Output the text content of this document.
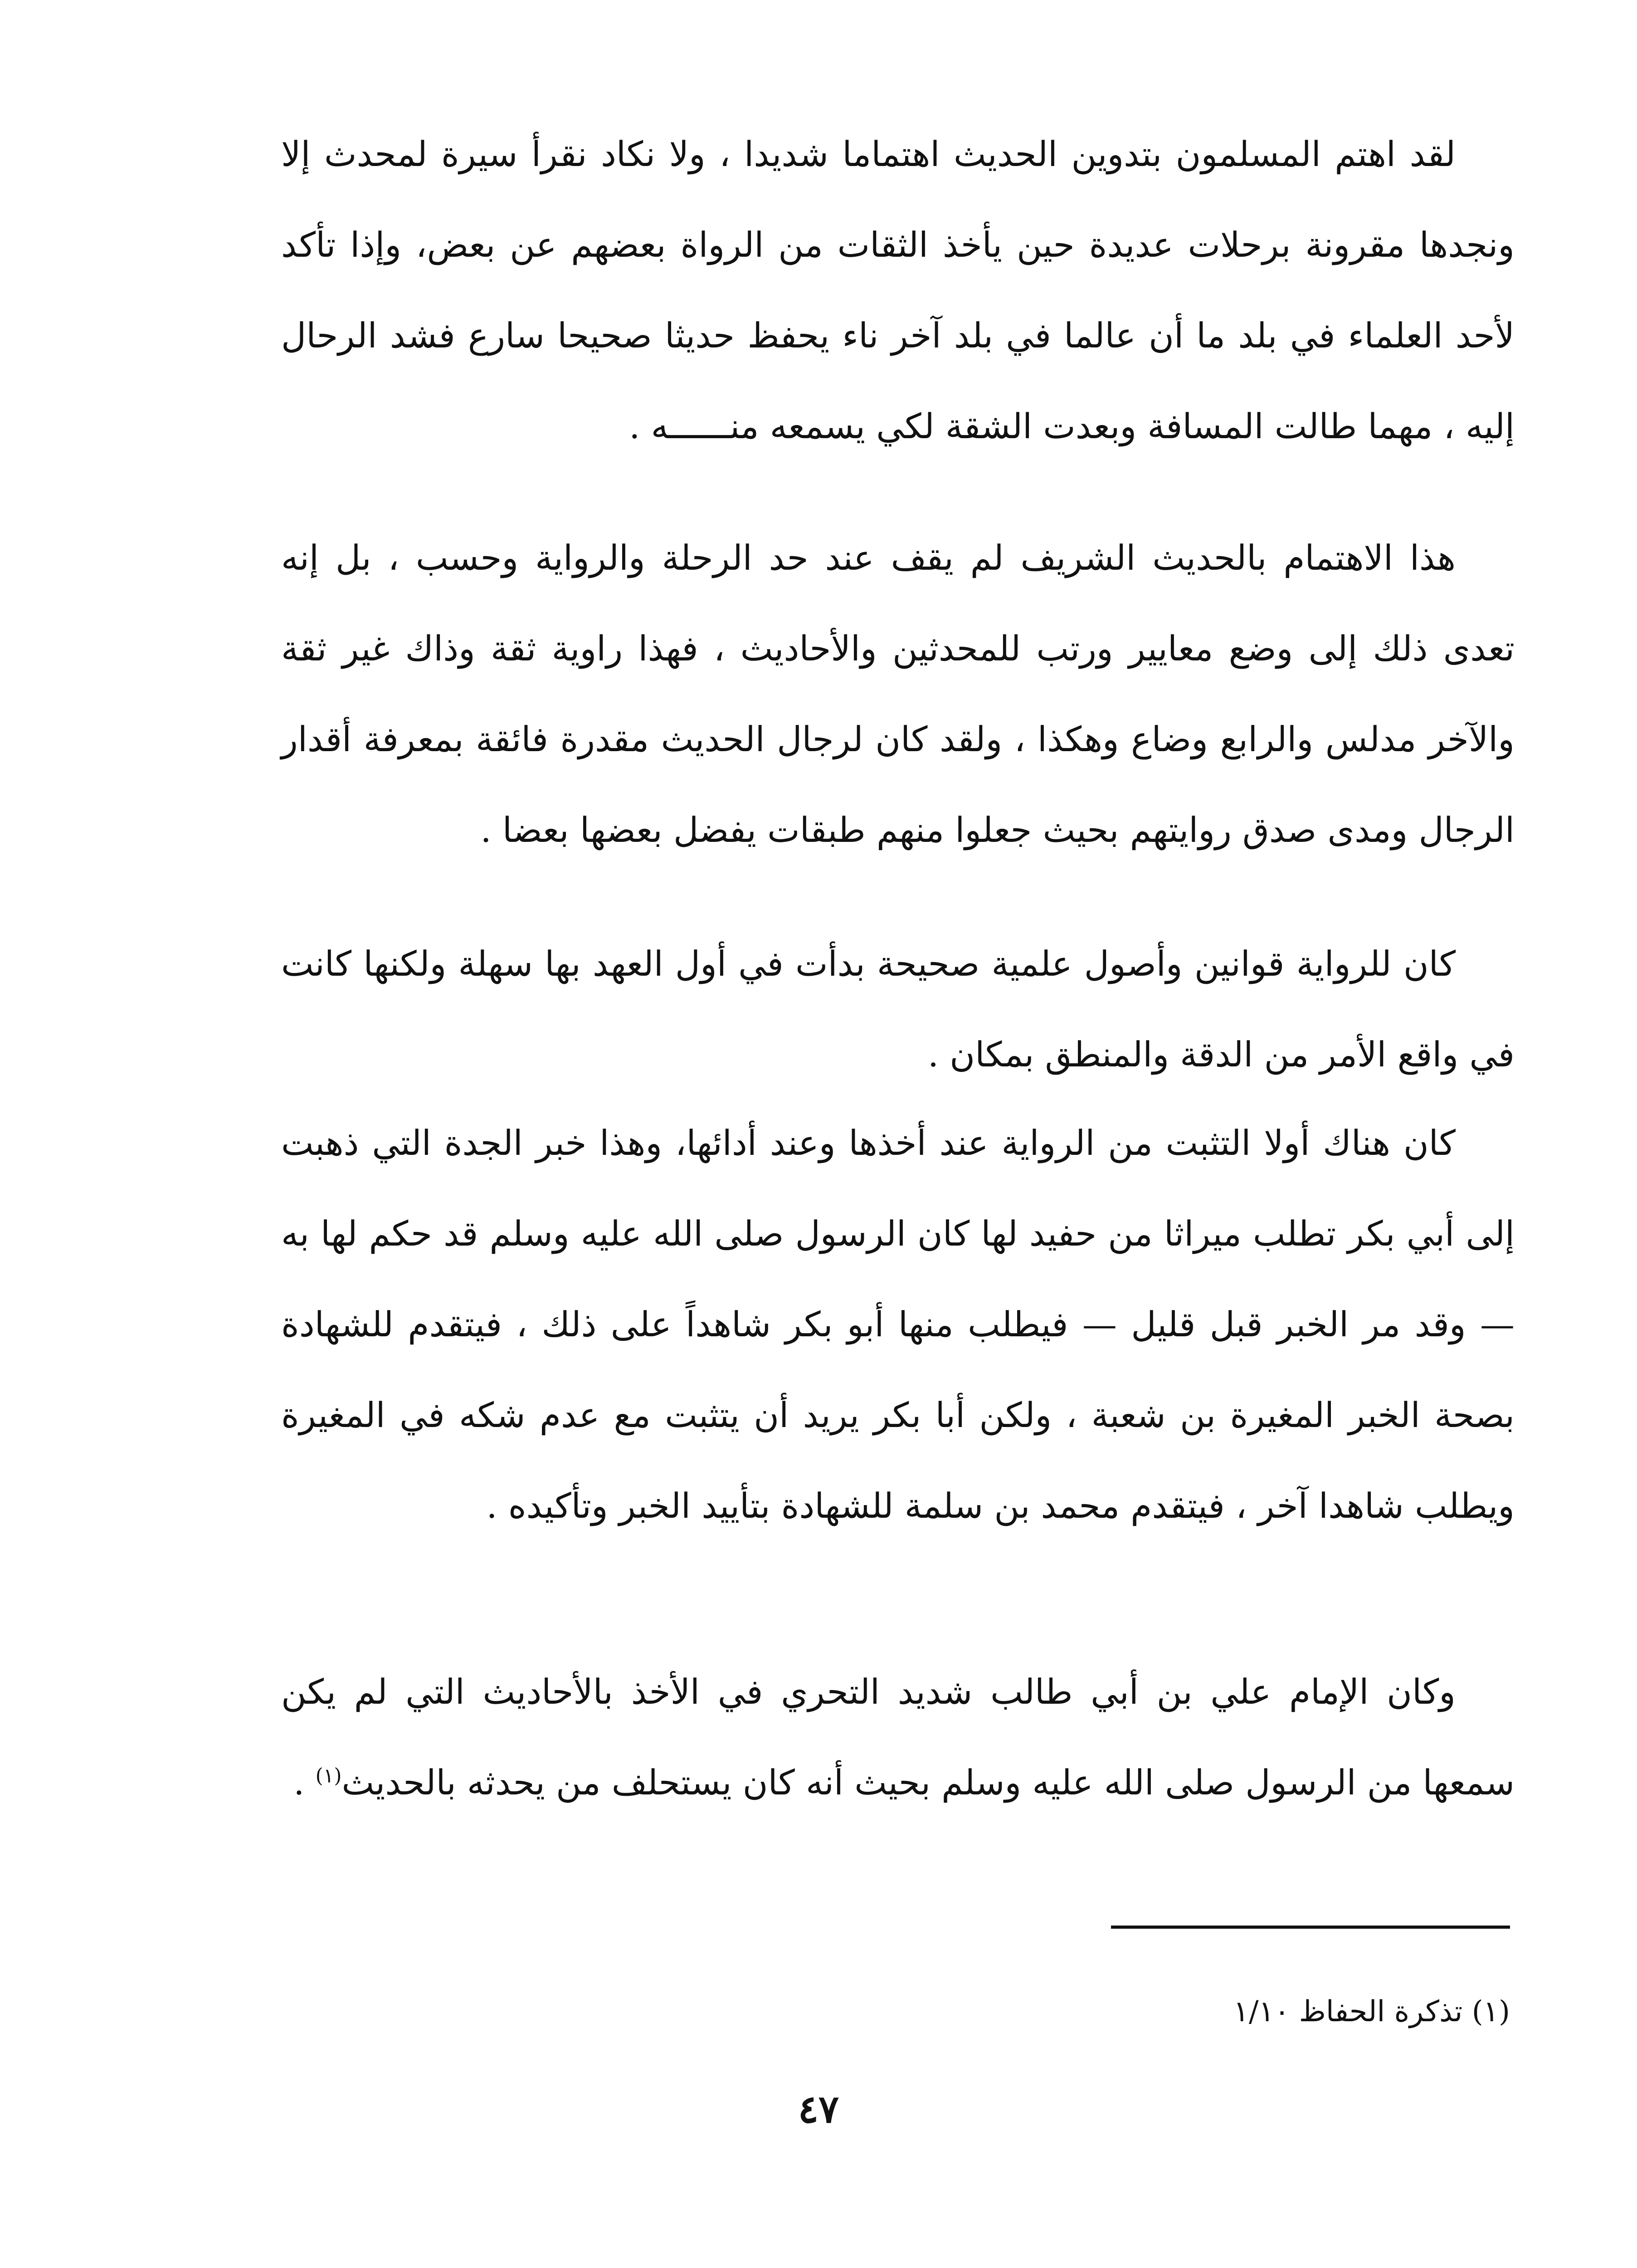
لقد اهتم المسلمون بتدوين الحديث اهتماما شديدا ، ولا نكاد نقرأ سيرة لمحدث إلا ونجدها مقرونة برحلات عديدة حين يأخذ الثقات من الرواة بعضهم عن بعض، وإذا تأكد لأحد العلماء في بلد ما أن عالما في بلد آخر ناء يحفظ حديثا صحيحا سارع فشد الرحال إليه ، مهما طالت المسافة وبعدت الشقة لكي يسمعه منــــــه .

هذا الاهتمام بالحديث الشريف لم يقف عند حد الرحلة والرواية وحسب ، بل إنه تعدى ذلك إلى وضع معايير ورتب للمحدثين والأحاديث ، فهذا راوية ثقة وذاك غير ثقة والآخر مدلس والرابع وضاع وهكذا ، ولقد كان لرجال الحديث مقدرة فائقة بمعرفة أقدار الرجال ومدى صدق روايتهم بحيث جعلوا منهم طبقات يفضل بعضها بعضا .

كان للرواية قوانين وأصول علمية صحيحة بدأت في أول العهد بها سهلة ولكنها كانت في واقع الأمر من الدقة والمنطق بمكان .

كان هناك أولا التثبت من الرواية عند أخذها وعند أدائها، وهذا خبر الجدة التي ذهبت إلى أبي بكر تطلب ميراثا من حفيد لها كان الرسول صلى الله عليه وسلم قد حكم لها به — وقد مر الخبر قبل قليل — فيطلب منها أبو بكر شاهداً على ذلك ، فيتقدم للشهادة بصحة الخبر المغيرة بن شعبة ، ولكن أبا بكر يريد أن يتثبت مع عدم شكه في المغيرة ويطلب شاهدا آخر ، فيتقدم محمد بن سلمة للشهادة بتأييد الخبر وتأكيده .

وكان الإمام علي بن أبي طالب شديد التحري في الأخذ بالأحاديث التي لم يكن سمعها من الرسول صلى الله عليه وسلم بحيث أنه كان يستحلف من يحدثه بالحديث$^{(١)}$ .

(١) تذكرة الحفاظ ١/١٠
٤٧
